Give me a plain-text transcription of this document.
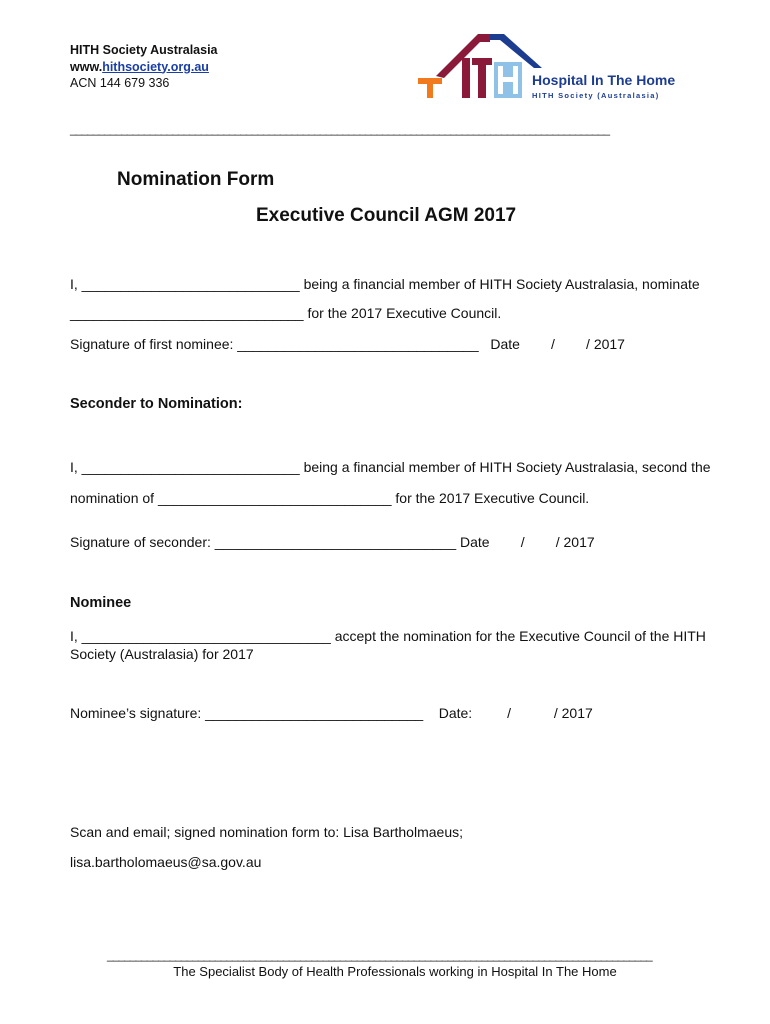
HITH Society Australasia
www.hithsociety.org.au
ACN 144 679 336	Hospital In The Home
HITH Society (Australasia)
_______________________________________________________________________________________________
Nomination Form
Executive Council AGM 2017
I, ____________________________ being a financial member of HITH Society Australasia, nominate
______________________________ for the 2017 Executive Council.
Signature of first nominee: _______________________________   Date        /        / 2017
Seconder to Nomination:
I, ____________________________ being a financial member of HITH Society Australasia, second the
nomination of ______________________________ for the 2017 Executive Council.
Signature of seconder: _______________________________ Date        /        / 2017
Nominee
I, ________________________________ accept the nomination for the Executive Council of the HITH
Society (Australasia) for 2017
Nominee’s signature: ____________________________    Date:         /           / 2017
Scan and email; signed nomination form to: Lisa Bartholmaeus;
lisa.bartholomaeus@sa.gov.au
________________________________________________________________________________________________
The Specialist Body of Health Professionals working in Hospital In The Home
